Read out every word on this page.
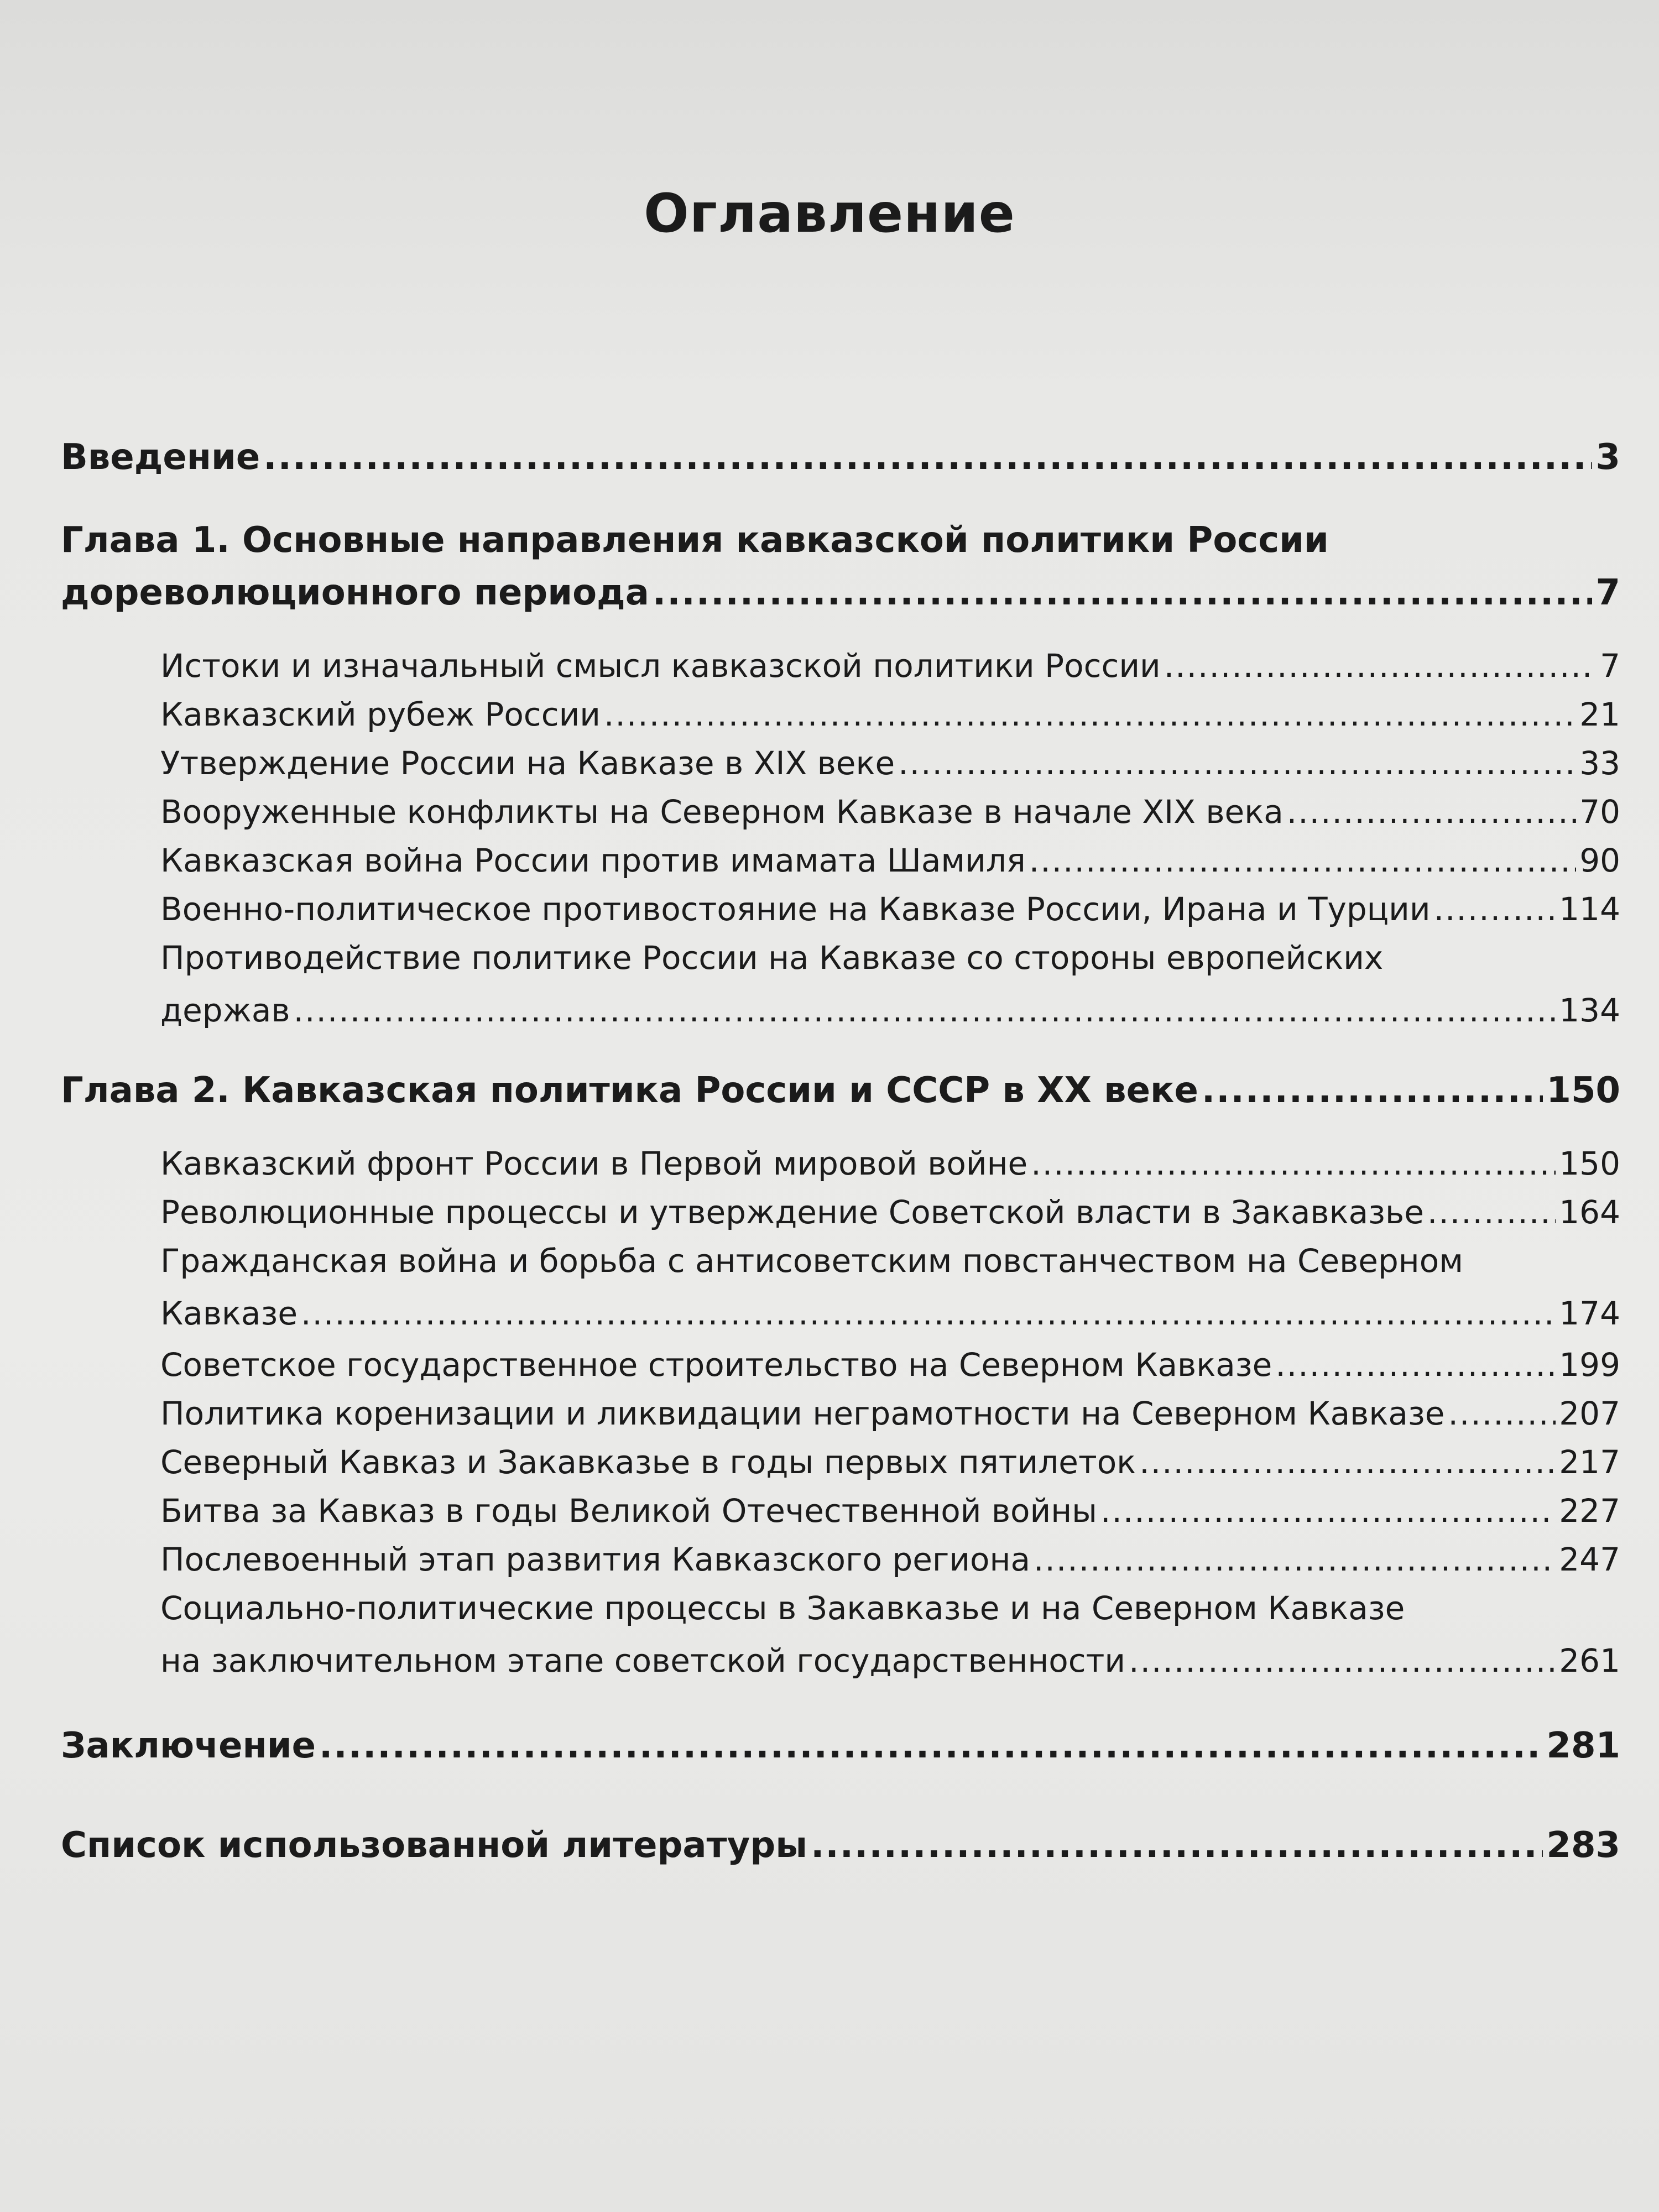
Оглавление
Введение .....	3
Глава 1. Основные направления кавказской политики России
дореволюционного периода .....	7
Истоки и изначальный смысл кавказской политики России .....	7
Кавказский рубеж России .....	21
Утверждение России на Кавказе в XIX веке .....	33
Вооруженные конфликты на Северном Кавказе в начале XIX века .....	70
Кавказская война России против имамата Шамиля .....	90
Военно-политическое противостояние на Кавказе России, Ирана и Турции .....	114
Противодействие политике России на Кавказе со стороны европейских
держав .....	134
Глава 2. Кавказская политика России и СССР в XX веке .....	150
Кавказский фронт России в Первой мировой войне .....	150
Революционные процессы и утверждение Советской власти в Закавказье .....	164
Гражданская война и борьба с антисоветским повстанчеством на Северном
Кавказе .....	174
Советское государственное строительство на Северном Кавказе .....	199
Политика коренизации и ликвидации неграмотности на Северном Кавказе .....	207
Северный Кавказ и Закавказье в годы первых пятилеток .....	217
Битва за Кавказ в годы Великой Отечественной войны .....	227
Послевоенный этап развития Кавказского региона .....	247
Социально-политические процессы в Закавказье и на Северном Кавказе
на заключительном этапе советской государственности .....	261
Заключение .....	281
Список использованной литературы .....	283
